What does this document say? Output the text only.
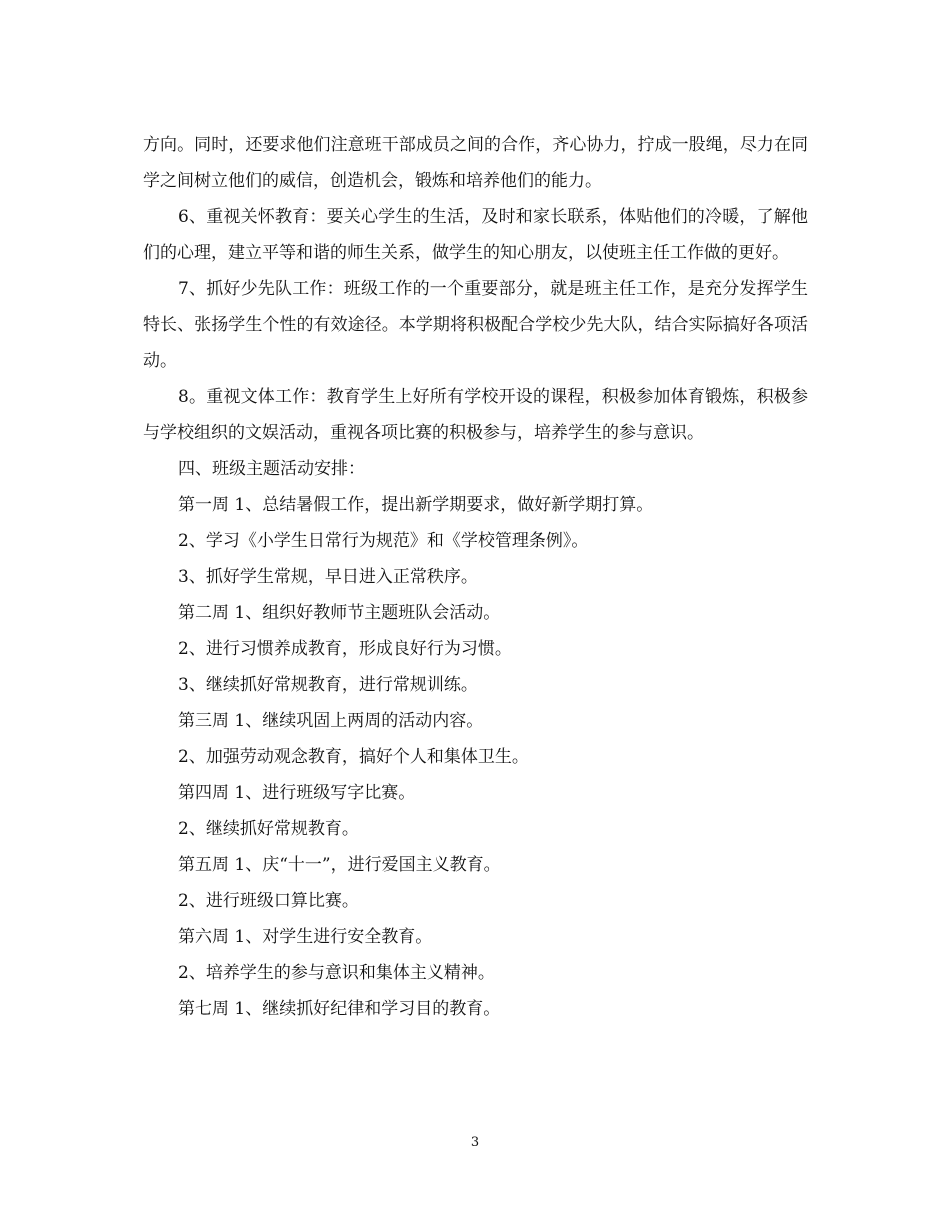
方向。同时，还要求他们注意班干部成员之间的合作，齐心协力，拧成一股绳，尽力在同学之间树立他们的威信，创造机会，锻炼和培养他们的能力。

6、重视关怀教育：要关心学生的生活，及时和家长联系，体贴他们的冷暖，了解他们的心理，建立平等和谐的师生关系，做学生的知心朋友，以使班主任工作做的更好。

7、抓好少先队工作：班级工作的一个重要部分，就是班主任工作，是充分发挥学生特长、张扬学生个性的有效途径。本学期将积极配合学校少先大队，结合实际搞好各项活动。

8。重视文体工作：教育学生上好所有学校开设的课程，积极参加体育锻炼，积极参与学校组织的文娱活动，重视各项比赛的积极参与，培养学生的参与意识。

四、班级主题活动安排：

第一周 1、总结暑假工作，提出新学期要求，做好新学期打算。

2、学习《小学生日常行为规范》和《学校管理条例》。

3、抓好学生常规，早日进入正常秩序。

第二周 1、组织好教师节主题班队会活动。

2、进行习惯养成教育，形成良好行为习惯。

3、继续抓好常规教育，进行常规训练。

第三周 1、继续巩固上两周的活动内容。

2、加强劳动观念教育，搞好个人和集体卫生。

第四周 1、进行班级写字比赛。

2、继续抓好常规教育。

第五周 1、庆“十一”，进行爱国主义教育。

2、进行班级口算比赛。

第六周 1、对学生进行安全教育。

2、培养学生的参与意识和集体主义精神。

第七周 1、继续抓好纪律和学习目的教育。

3
